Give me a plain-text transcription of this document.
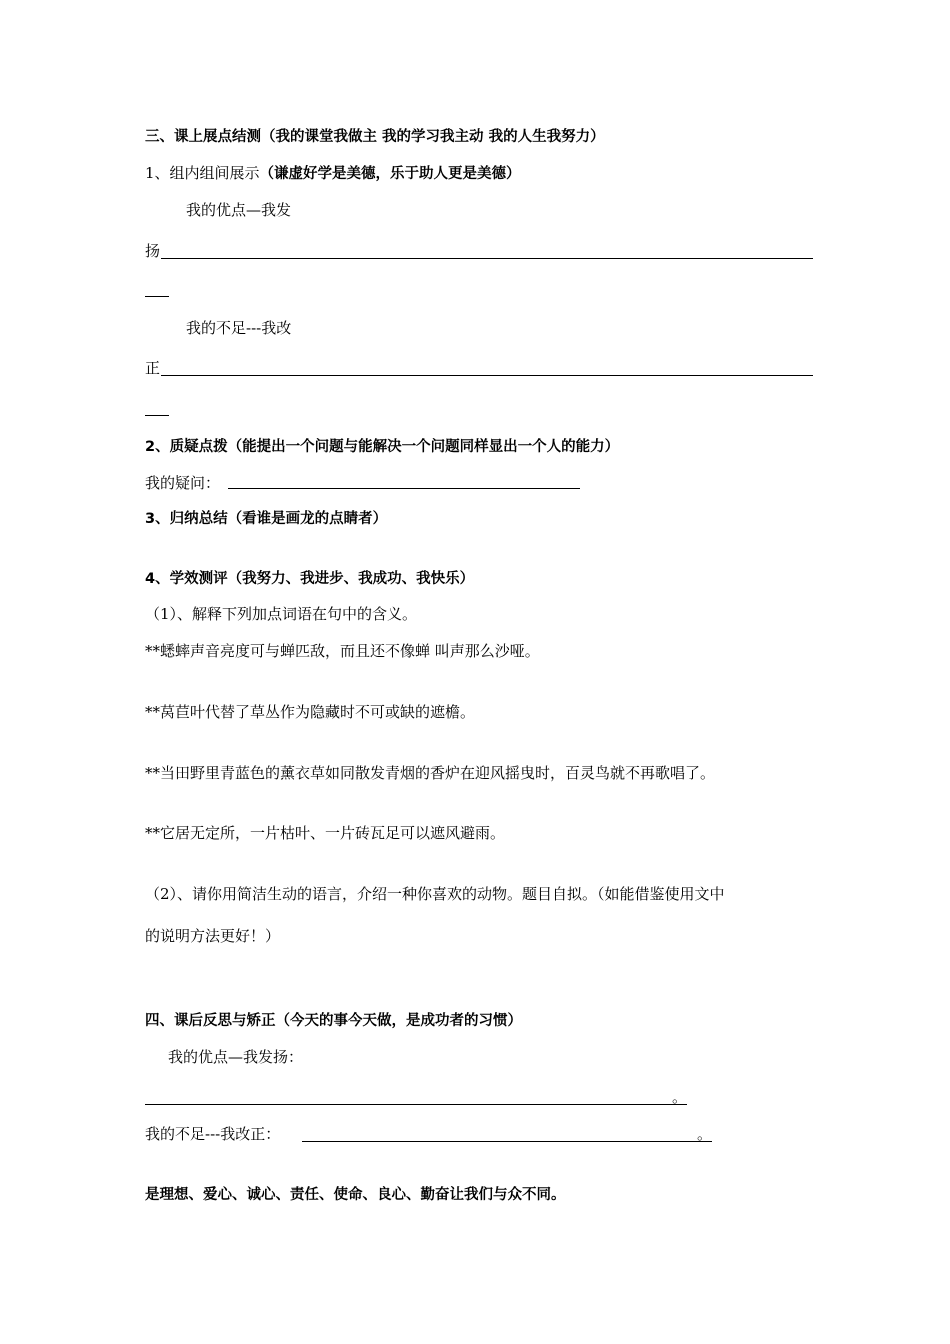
三、课上展点结测（我的课堂我做主 我的学习我主动 我的人生我努力）
1、组内组间展示（谦虚好学是美德，乐于助人更是美德）
我的优点—我发
扬
我的不足---我改
正
2、质疑点拨（能提出一个问题与能解决一个问题同样显出一个人的能力）
我的疑问：
3、归纳总结（看谁是画龙的点睛者）
4、学效测评（我努力、我进步、我成功、我快乐）
（1）、解释下列加点词语在句中的含义。
**蟋蟀声音亮度可与蝉匹敌，而且还不像蝉 叫声那么沙哑。
**莴苣叶代替了草丛作为隐藏时不可或缺的遮檐。
**当田野里青蓝色的薰衣草如同散发青烟的香炉在迎风摇曳时，百灵鸟就不再歌唱了。
**它居无定所，一片枯叶、一片砖瓦足可以遮风避雨。
（2）、请你用简洁生动的语言，介绍一种你喜欢的动物。题目自拟。（如能借鉴使用文中
的说明方法更好！）
四、课后反思与矫正（今天的事今天做，是成功者的习惯）
我的优点—我发扬：
。
我的不足---我改正：	。
是理想、爱心、诚心、责任、使命、良心、勤奋让我们与众不同。
